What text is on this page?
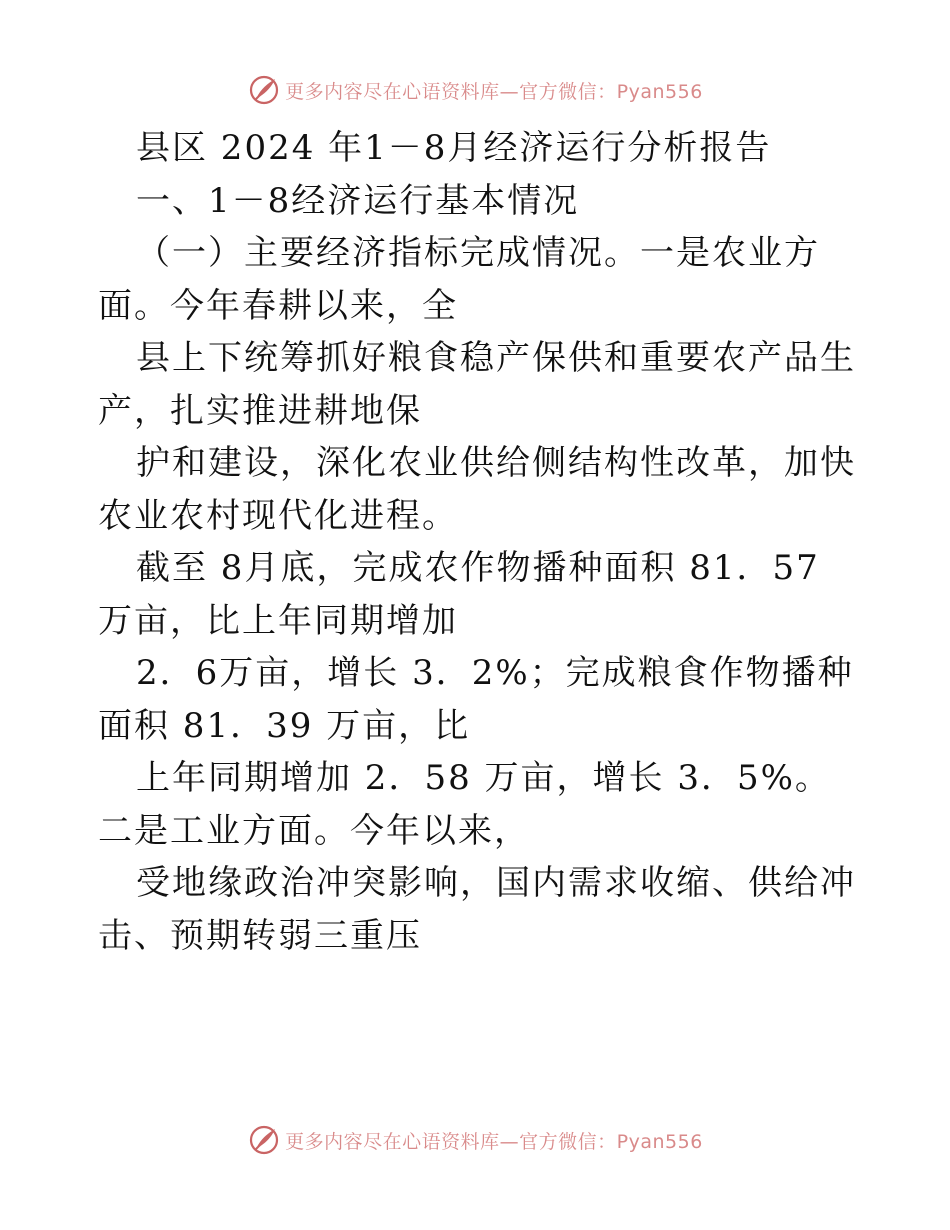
更多内容尽在心语资料库—官方微信：Pyan556

县区 2024 年1－8月经济运行分析报告

一、1－8经济运行基本情况

（一）主要经济指标完成情况。一是农业方面。今年春耕以来，全

县上下统筹抓好粮食稳产保供和重要农产品生产，扎实推进耕地保

护和建设，深化农业供给侧结构性改革，加快农业农村现代化进程。

截至 8月底，完成农作物播种面积 81．57 万亩，比上年同期增加

2．6万亩，增长 3．2%；完成粮食作物播种面积 81．39 万亩，比

上年同期增加 2．58 万亩，增长 3．5%。二是工业方面。今年以来，

受地缘政治冲突影响，国内需求收缩、供给冲击、预期转弱三重压

更多内容尽在心语资料库—官方微信：Pyan556
